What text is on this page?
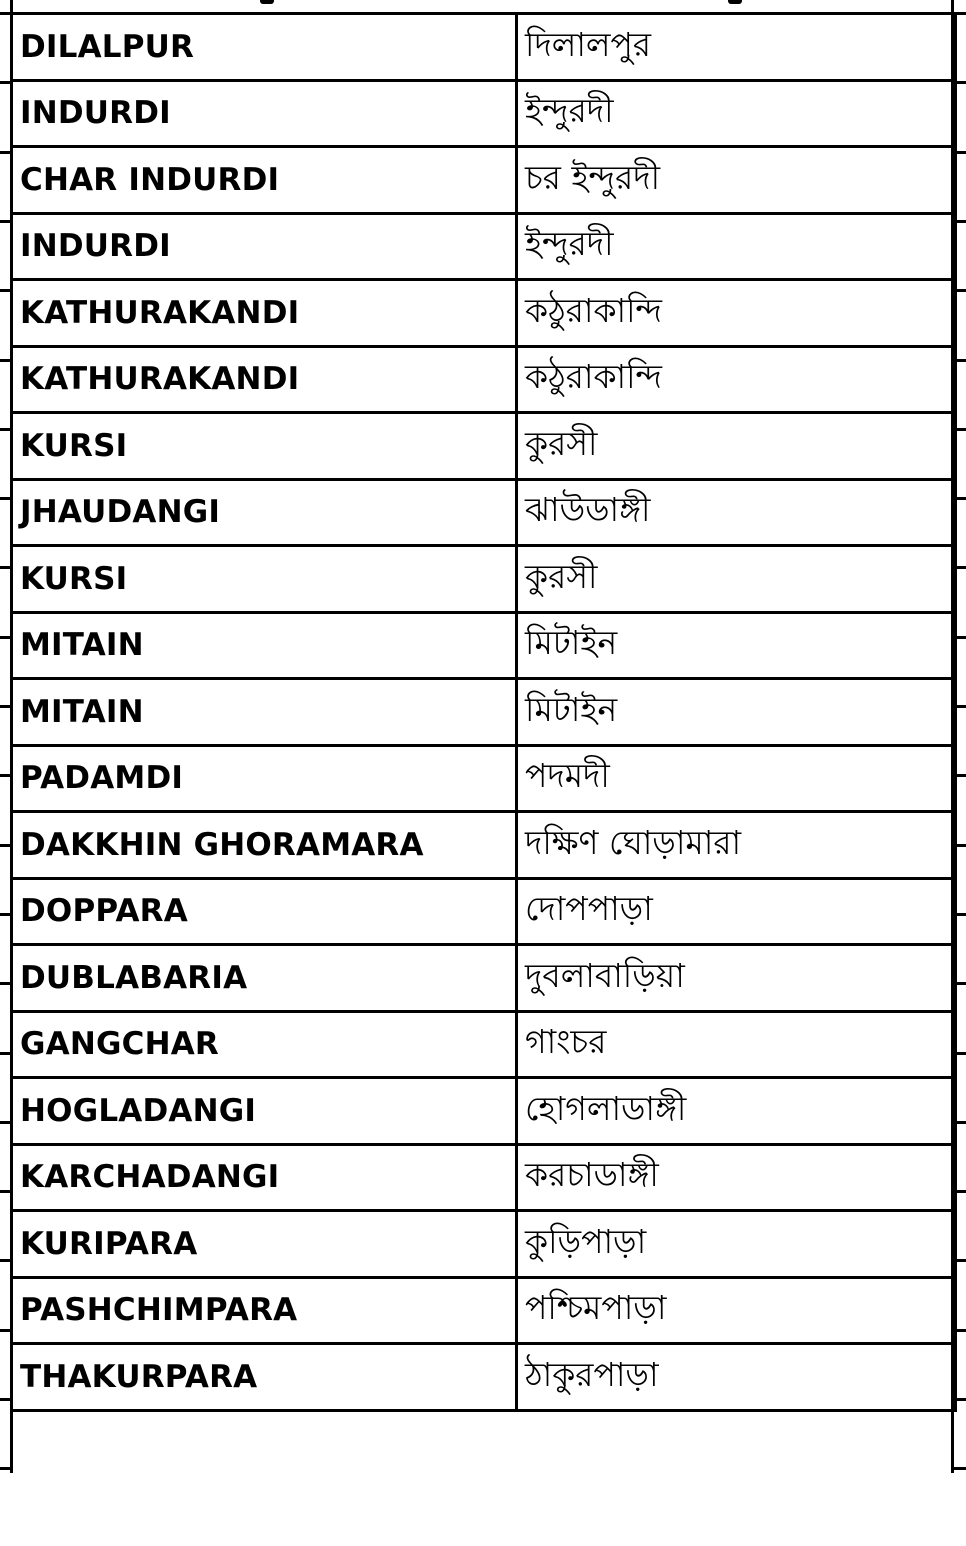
DILALPUR	দিলালপুর
INDURDI	ইন্দুরদী
CHAR INDURDI	চর ইন্দুরদী
INDURDI	ইন্দুরদী
KATHURAKANDI	কঠুরাকান্দি
KATHURAKANDI	কঠুরাকান্দি
KURSI	কুরসী
JHAUDANGI	ঝাউডাঙ্গী
KURSI	কুরসী
MITAIN	মিটাইন
MITAIN	মিটাইন
PADAMDI	পদমদী
DAKKHIN GHORAMARA	দক্ষিণ ঘোড়ামারা
DOPPARA	দোপপাড়া
DUBLABARIA	দুবলাবাড়িয়া
GANGCHAR	গাংচর
HOGLADANGI	হোগলাডাঙ্গী
KARCHADANGI	করচাডাঙ্গী
KURIPARA	কুড়িপাড়া
PASHCHIMPARA	পশ্চিমপাড়া
THAKURPARA	ঠাকুরপাড়া
